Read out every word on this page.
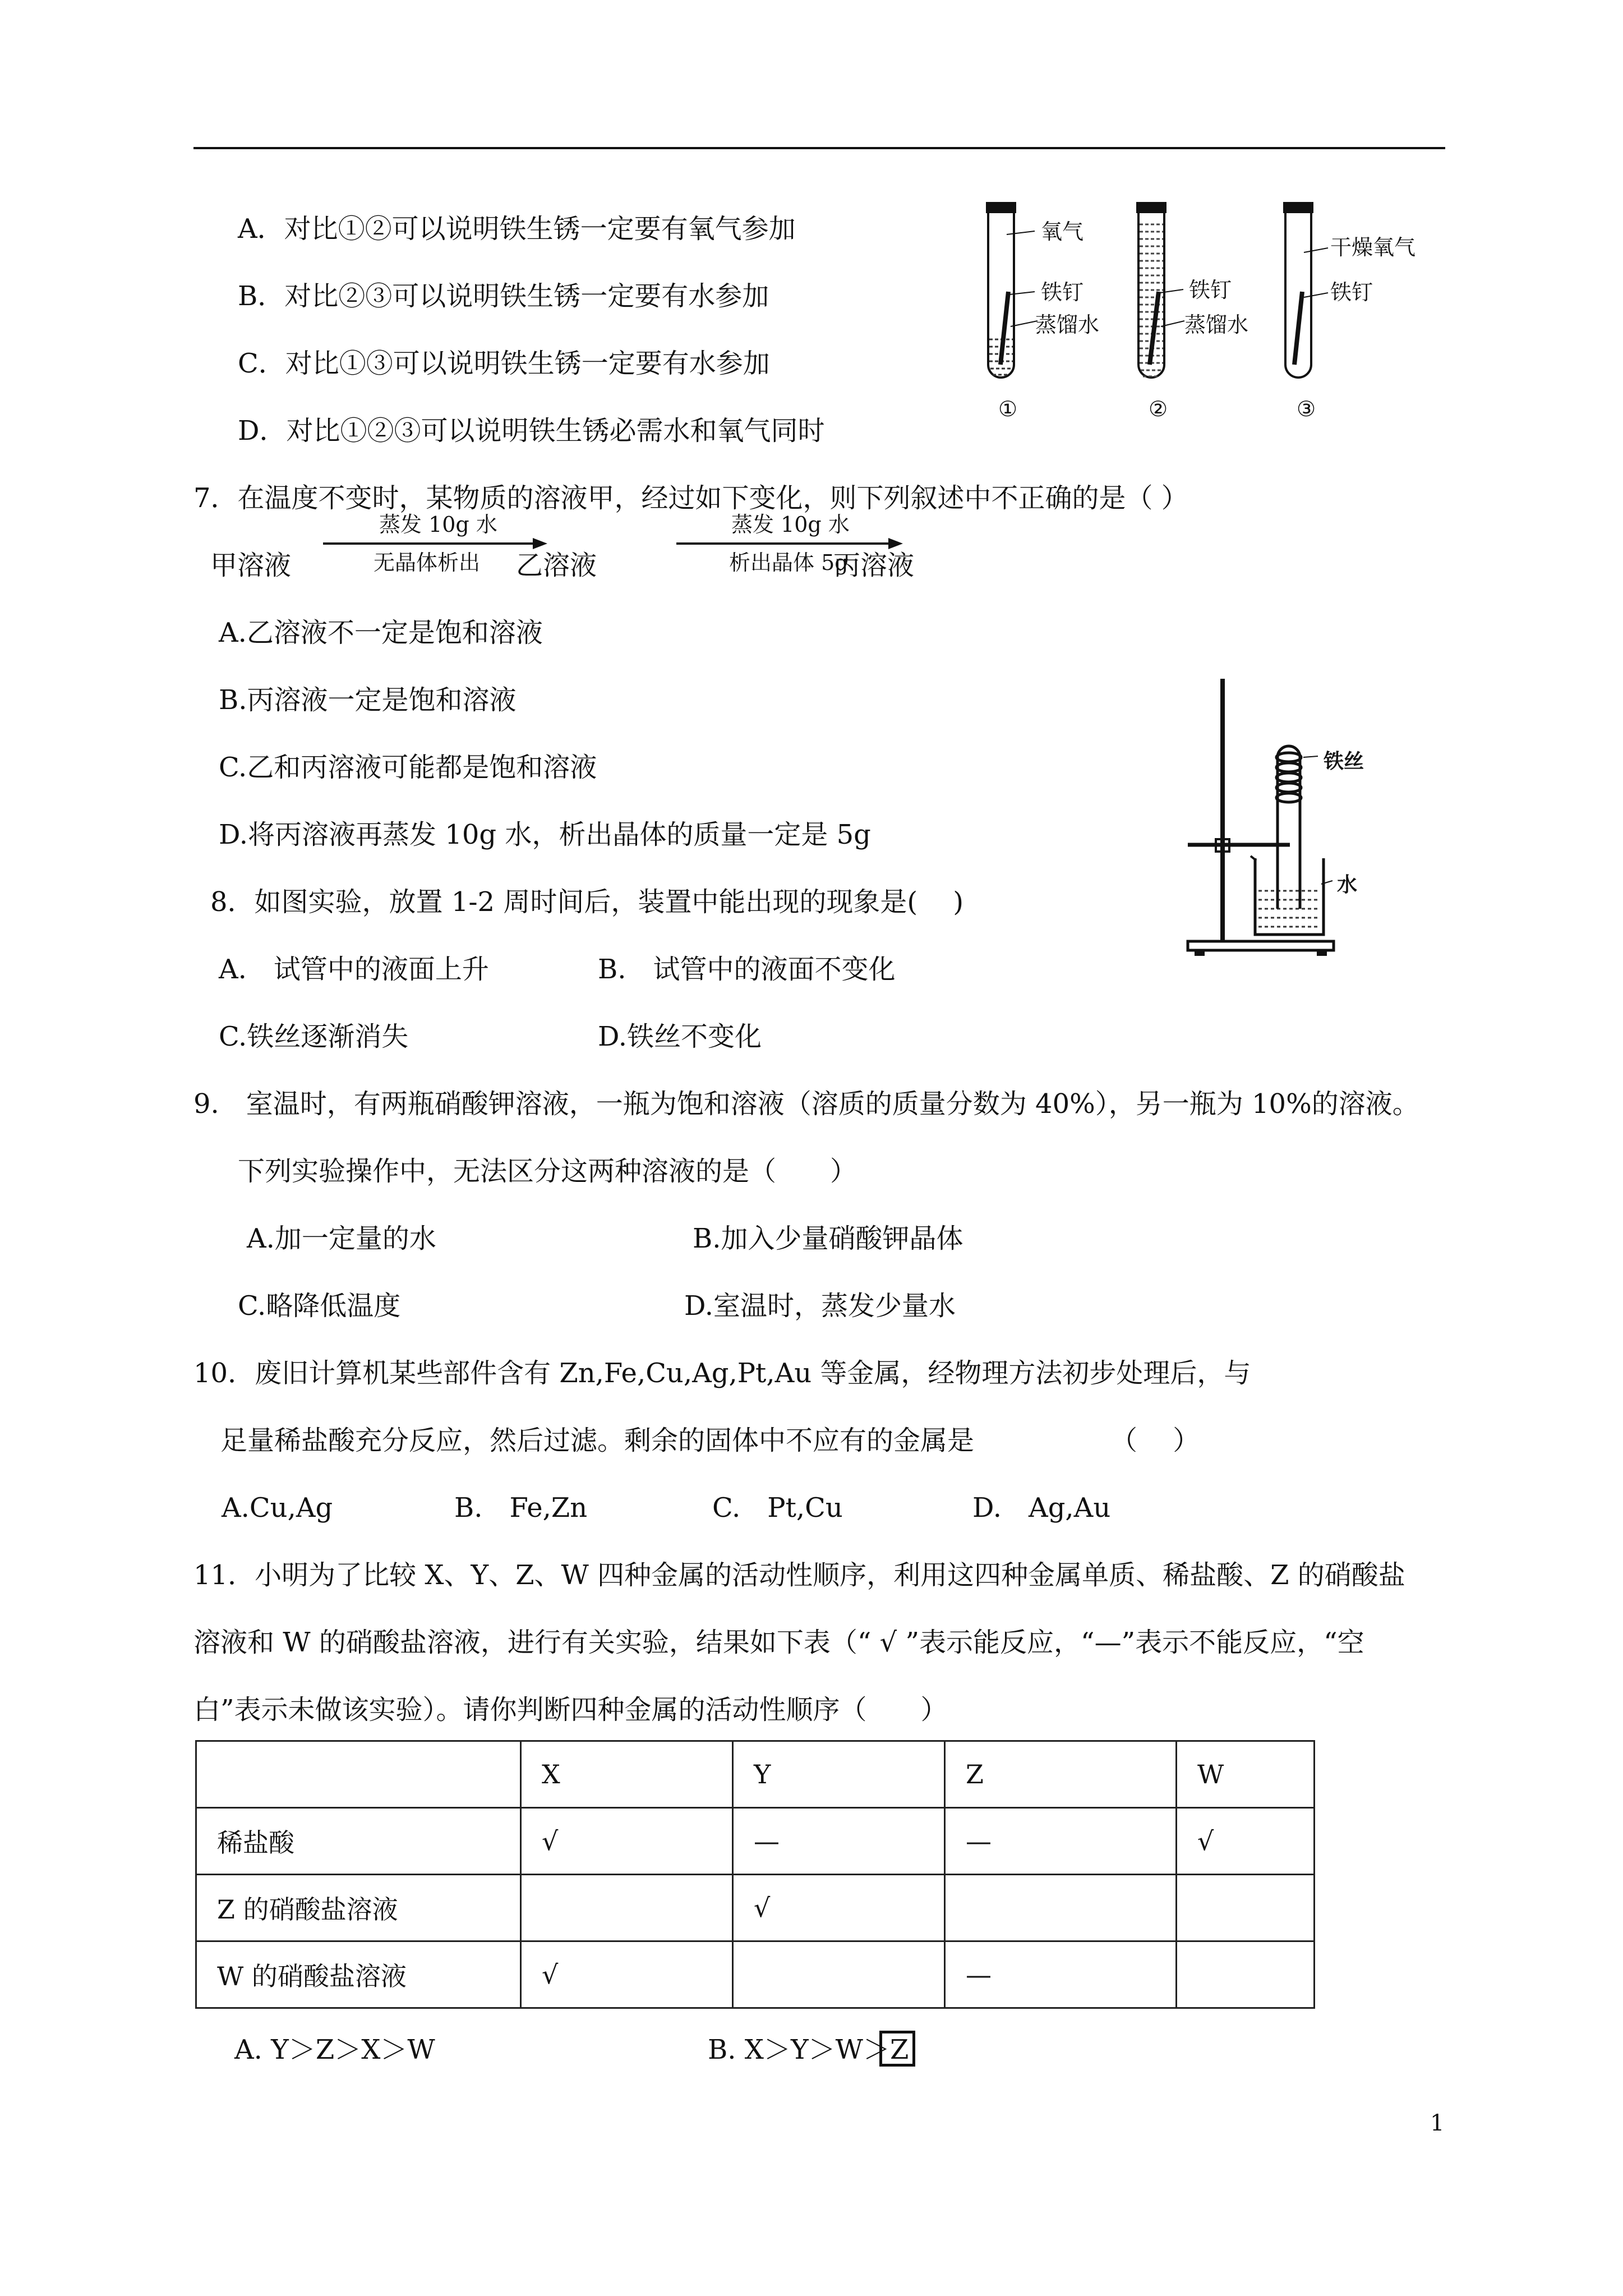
A．对比①②可以说明铁生锈一定要有氧气参加
B．对比②③可以说明铁生锈一定要有水参加
C．对比①③可以说明铁生锈一定要有水参加
D．对比①②③可以说明铁生锈必需水和氧气同时
氧气
铁钉
蒸馏水
①
铁钉
蒸馏水
②
干燥氧气
铁钉
③
7．在温度不变时，某物质的溶液甲，经过如下变化，则下列叙述中不正确的是（ ）
甲溶液
蒸发 10g 水
无晶体析出 乙溶液
蒸发 10g 水
析出晶体 5g
丙溶液
A.乙溶液不一定是饱和溶液
B.丙溶液一定是饱和溶液
C.乙和丙溶液可能都是饱和溶液
D.将丙溶液再蒸发 10g 水，析出晶体的质量一定是 5g
铁丝
水
8．如图实验，放置 1-2 周时间后，装置中能出现的现象是(　 )
A.　试管中的液面上升	B.　试管中的液面不变化
C.铁丝逐渐消失	D.铁丝不变化
9.　室温时，有两瓶硝酸钾溶液，一瓶为饱和溶液（溶质的质量分数为 40%），另一瓶为 10%的溶液。
下列实验操作中，无法区分这两种溶液的是（　　）
A.加一定量的水	B.加入少量硝酸钾晶体
C.略降低温度	D.室温时，蒸发少量水
10．废旧计算机某些部件含有 Zn,Fe,Cu,Ag,Pt,Au 等金属，经物理方法初步处理后，与
足量稀盐酸充分反应，然后过滤。剩余的固体中不应有的金属是	（　 ）
A.Cu,Ag	B.　Fe,Zn	C.　Pt,Cu	D.　Ag,Au
11．小明为了比较 X、Y、Z、W 四种金属的活动性顺序，利用这四种金属单质、稀盐酸、Z 的硝酸盐
溶液和 W 的硝酸盐溶液，进行有关实验，结果如下表（“ √ ”表示能反应，“—”表示不能反应，“空
白”表示未做该实验）。请你判断四种金属的活动性顺序（　　）
	X	Y	Z	W
稀盐酸	√	—	—	√
Z 的硝酸盐溶液		√		
W 的硝酸盐溶液	√		—	
A. Y＞Z＞X＞W	B. X＞Y＞W＞Z
1
